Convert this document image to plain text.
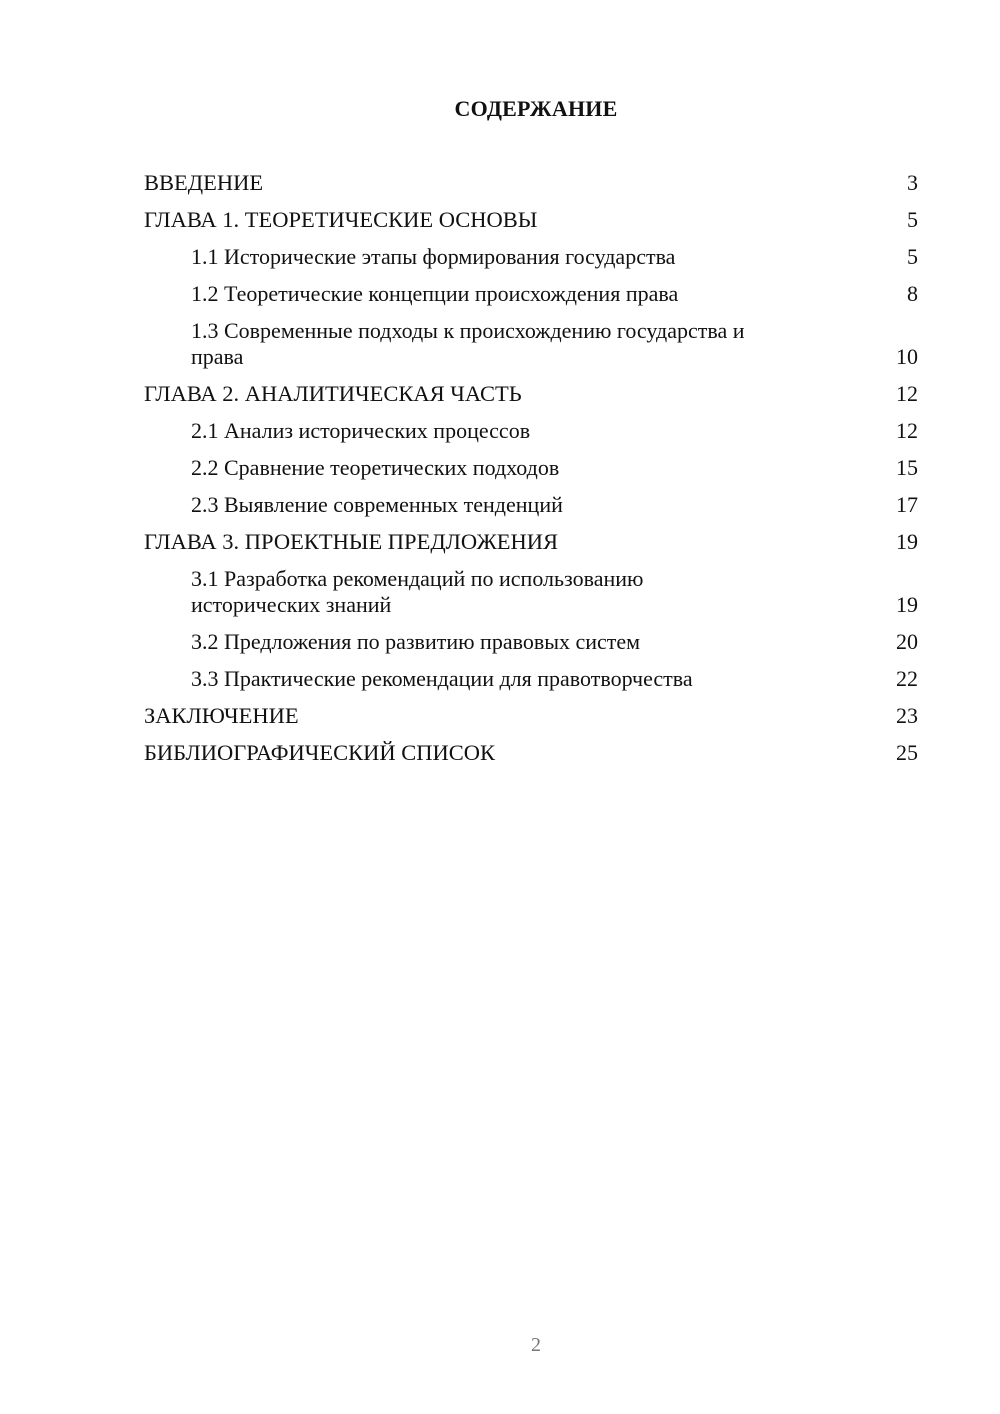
СОДЕРЖАНИЕ
ВВЕДЕНИЕ	3
ГЛАВА 1. ТЕОРЕТИЧЕСКИЕ ОСНОВЫ	5
1.1 Исторические этапы формирования государства	5
1.2 Теоретические концепции происхождения права	8
1.3 Современные подходы к происхождению государства и
права	10
ГЛАВА 2. АНАЛИТИЧЕСКАЯ ЧАСТЬ	12
2.1 Анализ исторических процессов	12
2.2 Сравнение теоретических подходов	15
2.3 Выявление современных тенденций	17
ГЛАВА 3. ПРОЕКТНЫЕ ПРЕДЛОЖЕНИЯ	19
3.1 Разработка рекомендаций по использованию
исторических знаний	19
3.2 Предложения по развитию правовых систем	20
3.3 Практические рекомендации для правотворчества	22
ЗАКЛЮЧЕНИЕ	23
БИБЛИОГРАФИЧЕСКИЙ СПИСОК	25
2
